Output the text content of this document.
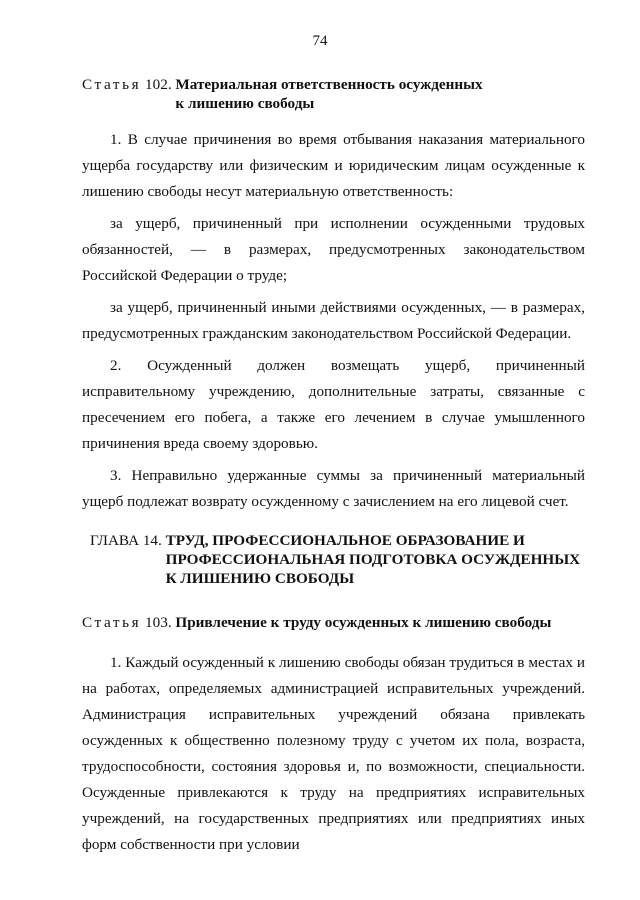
74
Статья 102. Материальная ответственность осужденных
к лишению свободы

1. В случае причинения во время отбывания наказания материального ущерба государству или физическим и юридическим лицам осужденные к лишению свободы несут материальную ответственность:

за ущерб, причиненный при исполнении осужденными трудовых обязанностей, — в размерах, предусмотренных законодательством Российской Федерации о труде;

за ущерб, причиненный иными действиями осужденных, — в размерах, предусмотренных гражданским законодательством Российской Федерации.

2. Осужденный должен возмещать ущерб, причиненный исправительному учреждению, дополнительные затраты, связанные с пресечением его побега, а также его лечением в случае умышленного причинения вреда своему здоровью.

3. Неправильно удержанные суммы за причиненный материальный ущерб подлежат возврату осужденному с зачислением на его лицевой счет.

ГЛАВА 14. ТРУД, ПРОФЕССИОНАЛЬНОЕ ОБРАЗОВАНИЕ И
ПРОФЕССИОНАЛЬНАЯ ПОДГОТОВКА ОСУЖДЕННЫХ
К ЛИШЕНИЮ СВОБОДЫ
Статья 103. Привлечение к труду осужденных к лишению свободы

1. Каждый осужденный к лишению свободы обязан трудиться в местах и на работах, определяемых администрацией исправительных учреждений. Администрация исправительных учреждений обязана привлекать осужденных к общественно полезному труду с учетом их пола, возраста, трудоспособности, состояния здоровья и, по возможности, специальности. Осужденные привлекаются к труду на предприятиях исправительных учреждений, на государственных предприятиях или предприятиях иных форм собственности при условии
